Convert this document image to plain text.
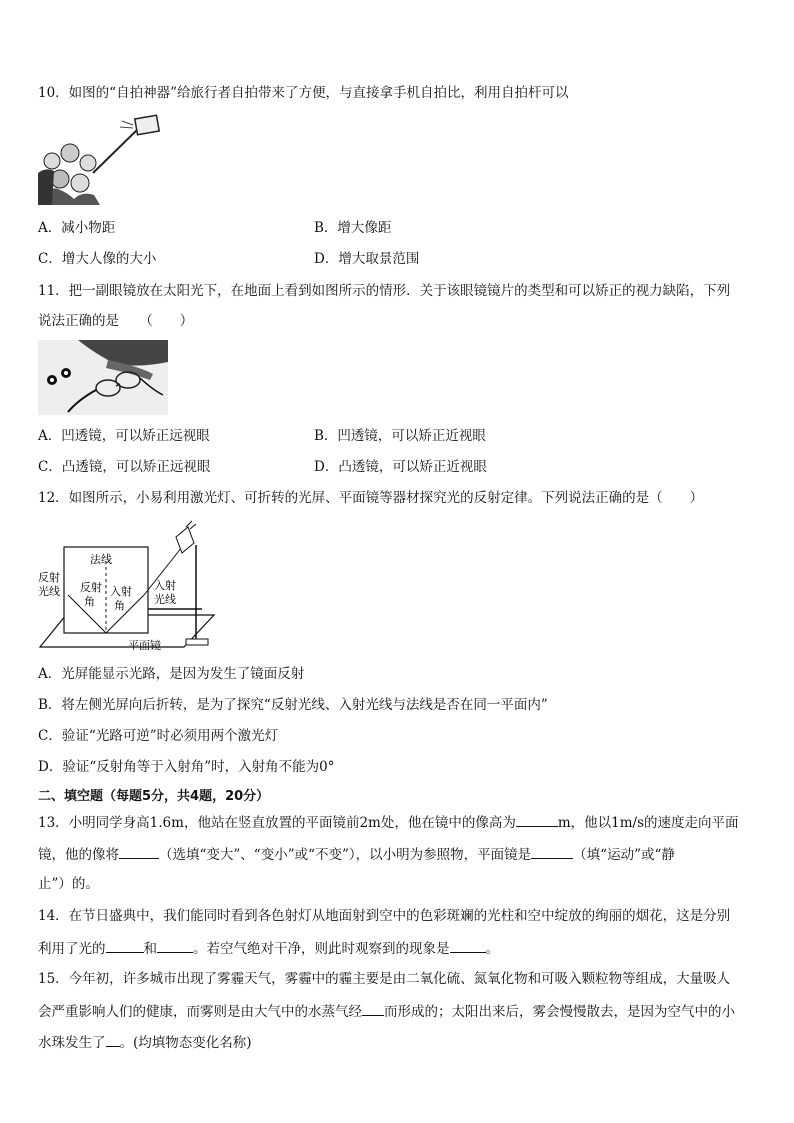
10．如图的“自拍神器”给旅行者自拍带来了方便，与直接拿手机自拍比，利用自拍杆可以
A．减小物距	B．增大像距
C．增大人像的大小	D．增大取景范围
11．把一副眼镜放在太阳光下，在地面上看到如图所示的情形．关于该眼镜镜片的类型和可以矫正的视力缺陷，下列
说法正确的是　　（　　）
A．凹透镜，可以矫正远视眼	B．凹透镜，可以矫正近视眼
C．凸透镜，可以矫正远视眼	D．凸透镜，可以矫正近视眼
12．如图所示，小易利用激光灯、可折转的光屏、平面镜等器材探究光的反射定律。下列说法正确的是（　　）
法线
反射
光线 反射
角
入射
角
入射
光线
平面镜
A．光屏能显示光路，是因为发生了镜面反射
B．将左侧光屏向后折转，是为了探究“反射光线、入射光线与法线是否在同一平面内”
C．验证“光路可逆”时必须用两个激光灯
D．验证“反射角等于入射角”时，入射角不能为0°
二、填空题（每题5分，共4题，20分）
13．小明同学身高1.6m，他站在竖直放置的平面镜前2m处，他在镜中的像高为	m，他以1m/s的速度走向平面
镜，他的像将	（选填“变大”、“变小”或“不变”），以小明为参照物，平面镜是	（填“运动”或“静
止”）的。
14．在节日盛典中，我们能同时看到各色射灯从地面射到空中的色彩斑斓的光柱和空中绽放的绚丽的烟花，这是分别
利用了光的	和	。若空气绝对干净，则此时观察到的现象是	。
15．今年初，许多城市出现了雾霾天气，雾霾中的霾主要是由二氧化硫、氮氧化物和可吸入颗粒物等组成，大量吸人
会严重影响人们的健康，而雾则是由大气中的水蒸气经 而形成的；太阳出来后，雾会慢慢散去，是因为空气中的小
水珠发生了 。(均填物态变化名称)
